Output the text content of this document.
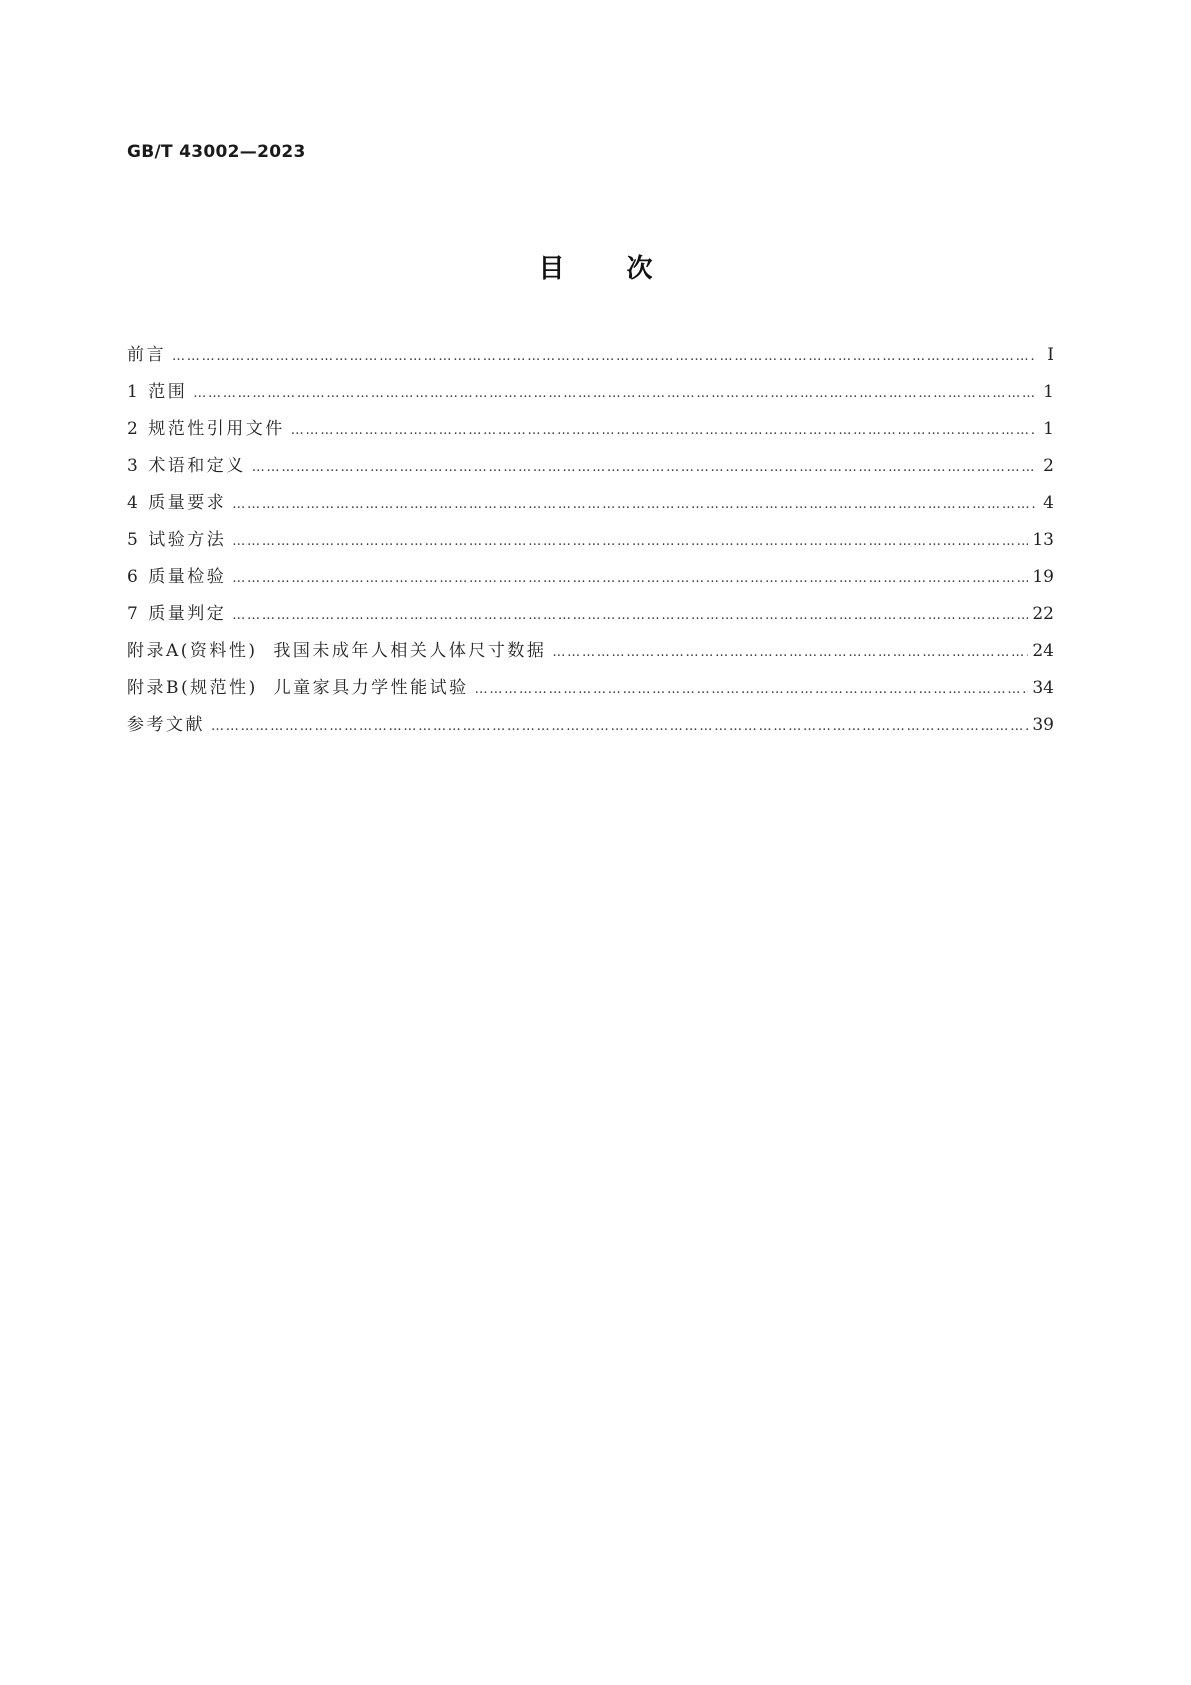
GB/T 43002—2023
目次
前言 ……………………………………………………………………………………………………………………………………………………………………………………………………………………………………………………………………………	Ⅰ
1 范围 ……………………………………………………………………………………………………………………………………………………………………………………………………………………………………………………………………………	1
2 规范性引用文件 ……………………………………………………………………………………………………………………………………………………………………………………………………………………………………………………………………………	1
3 术语和定义 ……………………………………………………………………………………………………………………………………………………………………………………………………………………………………………………………………………	2
4 质量要求 ……………………………………………………………………………………………………………………………………………………………………………………………………………………………………………………………………………	4
5 试验方法 ……………………………………………………………………………………………………………………………………………………………………………………………………………………………………………………………………………	13
6 质量检验 ……………………………………………………………………………………………………………………………………………………………………………………………………………………………………………………………………………	19
7 质量判定 ……………………………………………………………………………………………………………………………………………………………………………………………………………………………………………………………………………	22
附录A(资料性)  我国未成年人相关人体尺寸数据 ……………………………………………………………………………………………………………………………………………………………………………………………………………………………………………………………………………	24
附录B(规范性)  儿童家具力学性能试验 ……………………………………………………………………………………………………………………………………………………………………………………………………………………………………………………………………………	34
参考文献 ……………………………………………………………………………………………………………………………………………………………………………………………………………………………………………………………………………	39
